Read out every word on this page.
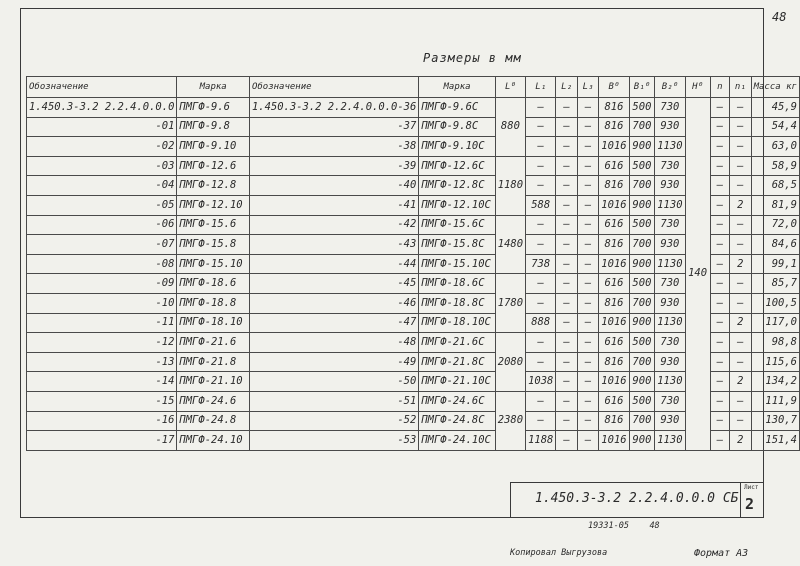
48
Размеры в мм
Обозначение	Марка	Обозначение	Марка	L⁰	L₁	L₂	L₃	B⁰	B₁⁰	B₂⁰	H⁰	n	n₁	Масса кг
1.450.3-3.2 2.2.4.0.0.0	ПМГФ-9.6	1.450.3-3.2 2.2.4.0.0.0-36	ПМГФ-9.6С	880	—	—	—	816	500	730	140	—	—	45,9
-01	ПМГФ-9.8	-37	ПМГФ-9.8С		—	—	—	816	700	930		—	—	54,4
-02	ПМГФ-9.10	-38	ПМГФ-9.10С		—	—	—	1016	900	1130		—	—	63,0
-03	ПМГФ-12.6	-39	ПМГФ-12.6С	1180	—	—	—	616	500	730		—	—	58,9
-04	ПМГФ-12.8	-40	ПМГФ-12.8С		—	—	—	816	700	930		—	—	68,5
-05	ПМГФ-12.10	-41	ПМГФ-12.10С		588	—	—	1016	900	1130		—	2	81,9
-06	ПМГФ-15.6	-42	ПМГФ-15.6С	1480	—	—	—	616	500	730		—	—	72,0
-07	ПМГФ-15.8	-43	ПМГФ-15.8С		—	—	—	816	700	930		—	—	84,6
-08	ПМГФ-15.10	-44	ПМГФ-15.10С		738	—	—	1016	900	1130		—	2	99,1
-09	ПМГФ-18.6	-45	ПМГФ-18.6С	1780	—	—	—	616	500	730		—	—	85,7
-10	ПМГФ-18.8	-46	ПМГФ-18.8С		—	—	—	816	700	930		—	—	100,5
-11	ПМГФ-18.10	-47	ПМГФ-18.10С		888	—	—	1016	900	1130		—	2	117,0
-12	ПМГФ-21.6	-48	ПМГФ-21.6С	2080	—	—	—	616	500	730		—	—	98,8
-13	ПМГФ-21.8	-49	ПМГФ-21.8С		—	—	—	816	700	930		—	—	115,6
-14	ПМГФ-21.10	-50	ПМГФ-21.10С		1038	—	—	1016	900	1130		—	2	134,2
-15	ПМГФ-24.6	-51	ПМГФ-24.6С	2380	—	—	—	616	500	730		—	—	111,9
-16	ПМГФ-24.8	-52	ПМГФ-24.8С		—	—	—	816	700	930		—	—	130,7
-17	ПМГФ-24.10	-53	ПМГФ-24.10С		1188	—	—	1016	900	1130		—	2	151,4
1.450.3-3.2 2.2.4.0.0.0 СБ
Лист
2
19331-05 48
Копировал Выгрузова	Формат А3
